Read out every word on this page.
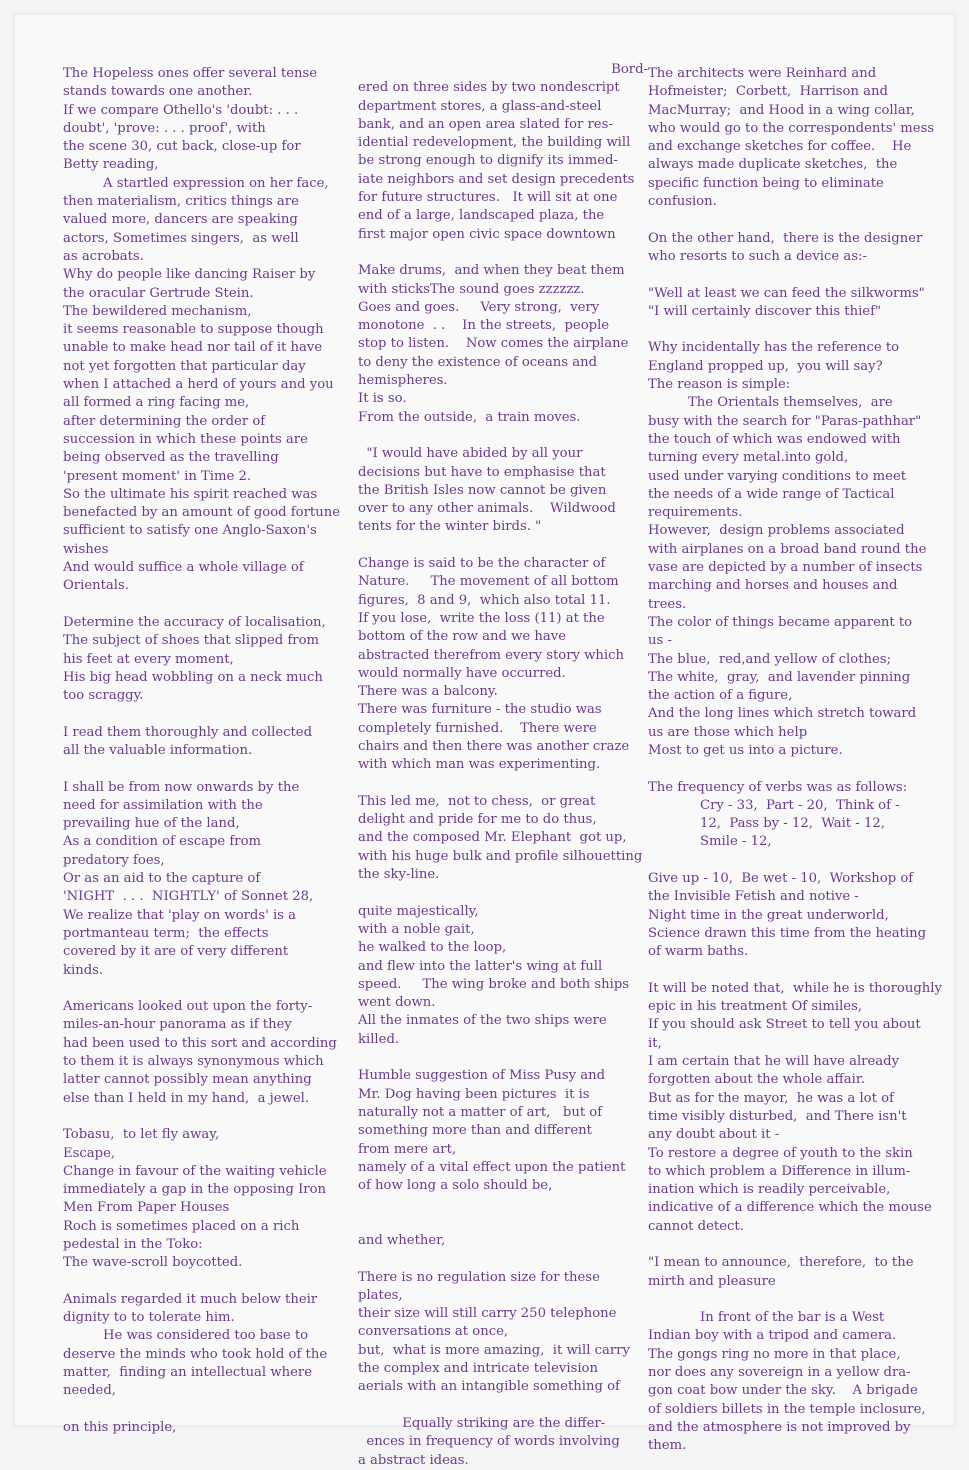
The Hopeless ones offer several tense
stands towards one another.
If we compare Othello's 'doubt: . . .
doubt', 'prove: . . . proof', with
the scene 30, cut back, close-up for
Betty reading,
A startled expression on her face,
then materialism, critics things are
valued more, dancers are speaking
actors, Sometimes singers,  as well
as acrobats.
Why do people like dancing Raiser by
the oracular Gertrude Stein.
The bewildered mechanism,
it seems reasonable to suppose though
unable to make head nor tail of it have
not yet forgotten that particular day
when I attached a herd of yours and you
all formed a ring facing me,
after determining the order of
succession in which these points are
being observed as the travelling
'present moment' in Time 2.
So the ultimate his spirit reached was
benefacted by an amount of good fortune
sufficient to satisfy one Anglo-Saxon's
wishes
And would suffice a whole village of
Orientals.
Determine the accuracy of localisation,
The subject of shoes that slipped from
his feet at every moment,
His big head wobbling on a neck much
too scraggy.
I read them thoroughly and collected
all the valuable information.
I shall be from now onwards by the
need for assimilation with the
prevailing hue of the land,
As a condition of escape from
predatory foes,
Or as an aid to the capture of
'NIGHT  . . .  NIGHTLY' of Sonnet 28,
We realize that 'play on words' is a
portmanteau term;  the effects
covered by it are of very different
kinds.
Americans looked out upon the forty-
miles-an-hour panorama as if they
had been used to this sort and according
to them it is always synonymous which
latter cannot possibly mean anything
else than I held in my hand,  a jewel.
Tobasu,  to let fly away,
Escape,
Change in favour of the waiting vehicle
immediately a gap in the opposing Iron
Men From Paper Houses
Roch is sometimes placed on a rich
pedestal in the Toko:
The wave-scroll boycotted.
Animals regarded it much below their
dignity to to tolerate him.
He was considered too base to
deserve the minds who took hold of the
matter,  finding an intellectual where
needed,
on this principle,
Bord-
ered on three sides by two nondescript
department stores, a glass-and-steel
bank, and an open area slated for res-
idential redevelopment, the building will
be strong enough to dignify its immed-
iate neighbors and set design precedents
for future structures.   It will sit at one
end of a large, landscaped plaza, the
first major open civic space downtown
Make drums,  and when they beat them
with sticksThe sound goes zzzzzz.
Goes and goes.     Very strong,  very
monotone  . .    In the streets,  people
stop to listen.    Now comes the airplane
to deny the existence of oceans and
hemispheres.
It is so.
From the outside,  a train moves.
"I would have abided by all your
decisions but have to emphasise that
the British Isles now cannot be given
over to any other animals.    Wildwood
tents for the winter birds. "
Change is said to be the character of
Nature.     The movement of all bottom
figures,  8 and 9,  which also total 11.
If you lose,  write the loss (11) at the
bottom of the row and we have
abstracted therefrom every story which
would normally have occurred.
There was a balcony.
There was furniture - the studio was
completely furnished.    There were
chairs and then there was another craze
with which man was experimenting.
This led me,  not to chess,  or great
delight and pride for me to do thus,
and the composed Mr. Elephant  got up,
with his huge bulk and profile silhouetting
the sky-line.
quite majestically,
with a noble gait,
he walked to the loop,
and flew into the latter's wing at full
speed.     The wing broke and both ships
went down.
All the inmates of the two ships were
killed.
Humble suggestion of Miss Pusy and
Mr. Dog having been pictures  it is
naturally not a matter of art,   but of
something more than and different
from mere art,
namely of a vital effect upon the patient
of how long a solo should be,
and whether,
There is no regulation size for these
plates,
their size will still carry 250 telephone
conversations at once,
but,  what is more amazing,  it will carry
the complex and intricate television
aerials with an intangible something of
Equally striking are the differ-
ences in frequency of words involving
a abstract ideas.
The architects were Reinhard and
Hofmeister;  Corbett,  Harrison and
MacMurray;  and Hood in a wing collar,
who would go to the correspondents' mess
and exchange sketches for coffee.    He
always made duplicate sketches,  the
specific function being to eliminate
confusion.
On the other hand,  there is the designer
who resorts to such a device as:-
"Well at least we can feed the silkworms"
"I will certainly discover this thief"
Why incidentally has the reference to
England propped up,  you will say?
The reason is simple:
The Orientals themselves,  are
busy with the search for "Paras-pathhar"
the touch of which was endowed with
turning every metal.into gold,
used under varying conditions to meet
the needs of a wide range of Tactical
requirements.
However,  design problems associated
with airplanes on a broad band round the
vase are depicted by a number of insects
marching and horses and houses and
trees.
The color of things became apparent to
us -
The blue,  red,and yellow of clothes;
The white,  gray,  and lavender pinning
the action of a figure,
And the long lines which stretch toward
us are those which help
Most to get us into a picture.
The frequency of verbs was as follows:
Cry - 33,  Part - 20,  Think of -
12,  Pass by - 12,  Wait - 12,
Smile - 12,
Give up - 10,  Be wet - 10,  Workshop of
the Invisible Fetish and notive -
Night time in the great underworld,
Science drawn this time from the heating
of warm baths.
It will be noted that,  while he is thoroughly
epic in his treatment Of similes,
If you should ask Street to tell you about
it,
I am certain that he will have already
forgotten about the whole affair.
But as for the mayor,  he was a lot of
time visibly disturbed,  and There isn't
any doubt about it -
To restore a degree of youth to the skin
to which problem a Difference in illum-
ination which is readily perceivable,
indicative of a difference which the mouse
cannot detect.
"I mean to announce,  therefore,  to the
mirth and pleasure
In front of the bar is a West
Indian boy with a tripod and camera.
The gongs ring no more in that place,
nor does any sovereign in a yellow dra-
gon coat bow under the sky.    A brigade
of soldiers billets in the temple inclosure,
and the atmosphere is not improved by
them.
